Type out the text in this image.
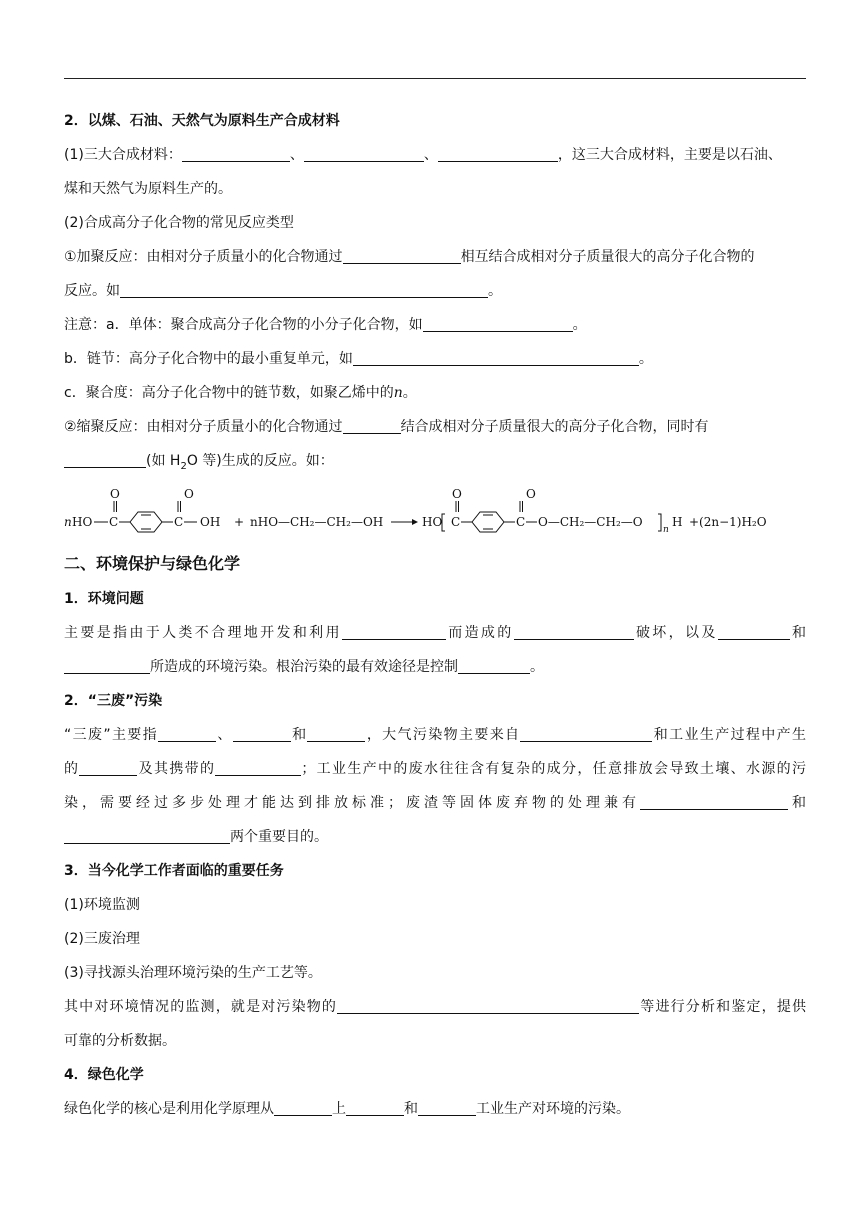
2．以煤、石油、天然气为原料生产合成材料
(1)三大合成材料：	、	、	，这三大合成材料，主要是以石油、
煤和天然气为原料生产的。
(2)合成高分子化合物的常见反应类型
①加聚反应：由相对分子质量小的化合物通过	相互结合成相对分子质量很大的高分子化合物的
反应。如	。
注意：a．单体：聚合成高分子化合物的小分子化合物，如	。
b．链节：高分子化合物中的最小重复单元，如	。
c．聚合度：高分子化合物中的链节数，如聚乙烯中的n。
②缩聚反应：由相对分子质量小的化合物通过	结合成相对分子质量很大的高分子化合物，同时有
(如 $H_2O$ 等)生成的反应。如：
O
n HO C
O
C OH + nHO—CH₂—CH₂—OH	HO
O
C
O
C O—CH₂—CH₂—O
n
H +(2n−1)H₂O
二、环境保护与绿色化学
1．环境问题
主要是指由于人类不合理地开发和利用	而造成的	破坏，以及	和
所造成的环境污染。根治污染的最有效途径是控制	。
2．“三废”污染
“三废”主要指	、	和	，大气污染物主要来自	和工业生产过程中产生
的	及其携带的	；工业生产中的废水往往含有复杂的成分，任意排放会导致土壤、水源的污
染，需要经过多步处理才能达到排放标准；废渣等固体废弃物的处理兼有	和
两个重要目的。
3．当今化学工作者面临的重要任务
(1)环境监测
(2)三废治理
(3)寻找源头治理环境污染的生产工艺等。
其中对环境情况的监测，就是对污染物的	等进行分析和鉴定，提供
可靠的分析数据。
4．绿色化学
绿色化学的核心是利用化学原理从	上	和	工业生产对环境的污染。
